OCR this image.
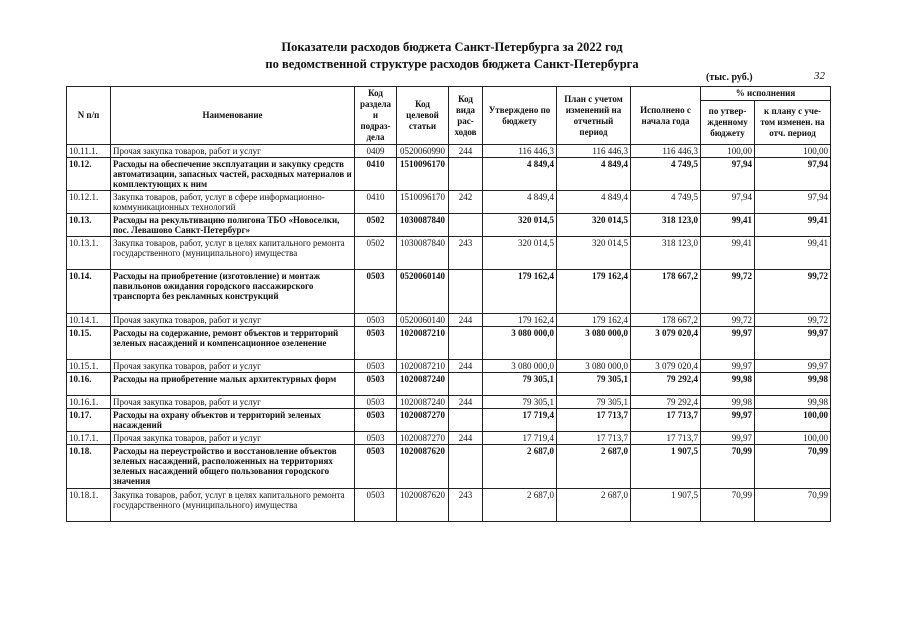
Показатели расходов бюджета Санкт-Петербурга за 2022 год
по ведомственной структуре расходов бюджета Санкт-Петербурга
(тыс. руб.)	32
N п/п	Наименование	Код раздела и подраз-дела	Код целевой статьи	Код вида рас-ходов	Утверждено по бюджету	План с учетом изменений на отчетный период	Исполнено с начала года	% исполнения	
								по утвер-жденному бюджету	к плану с уче-том изменен. на отч. период
10.11.1.	Прочая закупка товаров, работ и услуг	0409	0520060990	244	116 446,3	116 446,3	116 446,3	100,00	100,00
10.12.	Расходы на обеспечение эксплуатации и закупку средств автоматизации, запасных частей, расходных материалов и комплектующих к ним	0410	1510096170		4 849,4	4 849,4	4 749,5	97,94	97,94
10.12.1.	Закупка товаров, работ, услуг в сфере информационно-коммуникационных технологий	0410	1510096170	242	4 849,4	4 849,4	4 749,5	97,94	97,94
10.13.	Расходы на рекультивацию полигона ТБО «Новоселки, пос. Левашово Санкт-Петербург»	0502	1030087840		320 014,5	320 014,5	318 123,0	99,41	99,41
10.13.1.	Закупка товаров, работ, услуг в целях капитального ремонта государственного (муниципального) имущества	0502	1030087840	243	320 014,5	320 014,5	318 123,0	99,41	99,41
10.14.	Расходы на приобретение (изготовление) и монтаж павильонов ожидания городского пассажирского транспорта без рекламных конструкций	0503	0520060140		179 162,4	179 162,4	178 667,2	99,72	99,72
10.14.1.	Прочая закупка товаров, работ и услуг	0503	0520060140	244	179 162,4	179 162,4	178 667,2	99,72	99,72
10.15.	Расходы на содержание, ремонт объектов и территорий зеленых насаждений и компенсационное озеленение	0503	1020087210		3 080 000,0	3 080 000,0	3 079 020,4	99,97	99,97
10.15.1.	Прочая закупка товаров, работ и услуг	0503	1020087210	244	3 080 000,0	3 080 000,0	3 079 020,4	99,97	99,97
10.16.	Расходы на приобретение малых архитектурных форм	0503	1020087240		79 305,1	79 305,1	79 292,4	99,98	99,98
10.16.1.	Прочая закупка товаров, работ и услуг	0503	1020087240	244	79 305,1	79 305,1	79 292,4	99,98	99,98
10.17.	Расходы на охрану объектов и территорий зеленых насаждений	0503	1020087270		17 719,4	17 713,7	17 713,7	99,97	100,00
10.17.1.	Прочая закупка товаров, работ и услуг	0503	1020087270	244	17 719,4	17 713,7	17 713,7	99,97	100,00
10.18.	Расходы на переустройство и восстановление объектов зеленых насаждений, расположенных на территориях зеленых насаждений общего пользования городского значения	0503	1020087620		2 687,0	2 687,0	1 907,5	70,99	70,99
10.18.1.	Закупка товаров, работ, услуг в целях капитального ремонта государственного (муниципального) имущества	0503	1020087620	243	2 687,0	2 687,0	1 907,5	70,99	70,99
